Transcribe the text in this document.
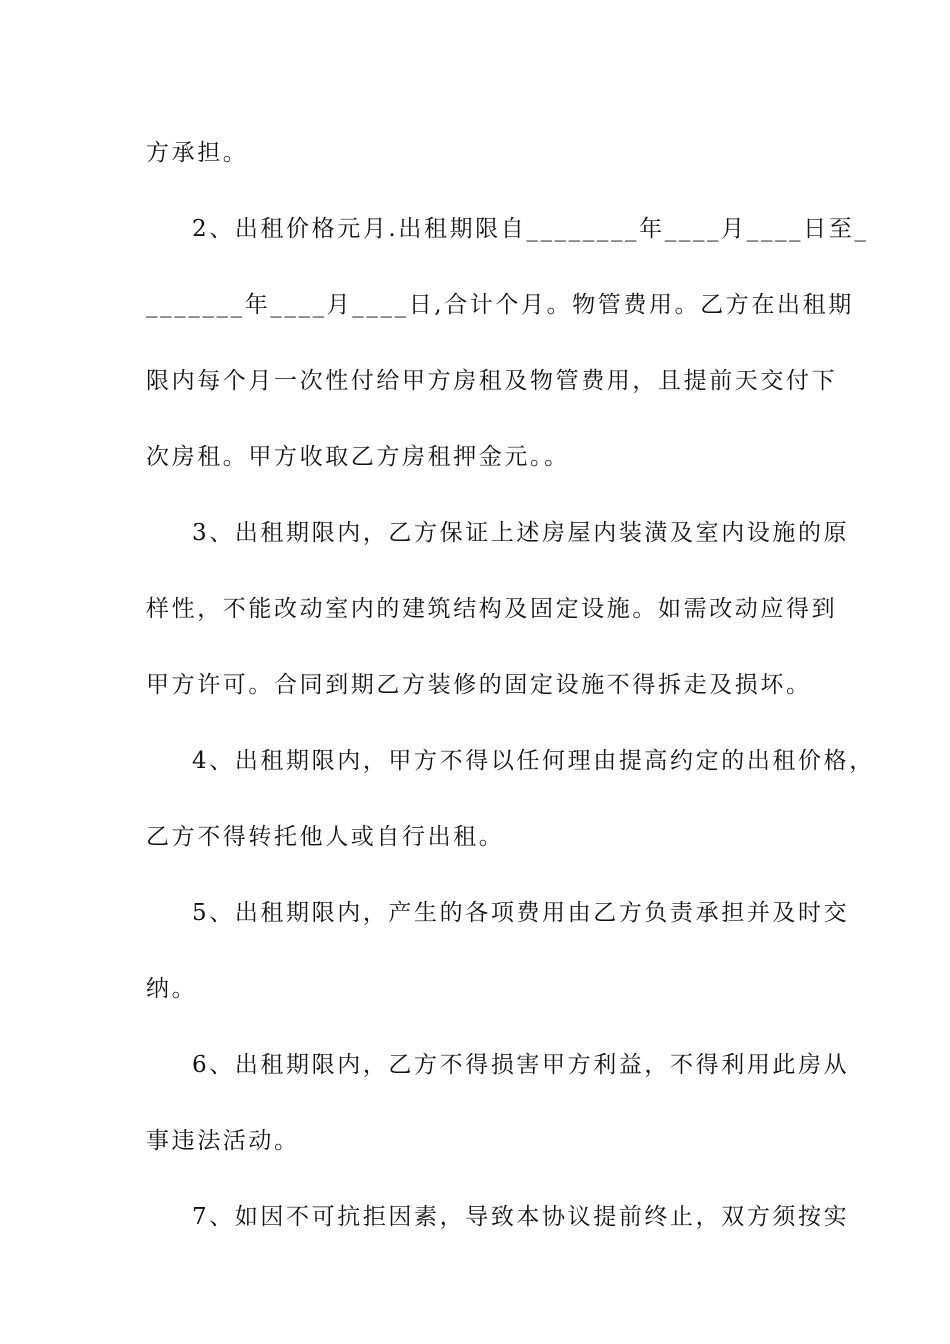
方承担。
2、出租价格元月.出租期限自________年____月____日至_
_______年____月____日,合计个月。物管费用。乙方在出租期
限内每个月一次性付给甲方房租及物管费用，且提前天交付下
次房租。甲方收取乙方房租押金元。。
3、出租期限内，乙方保证上述房屋内装潢及室内设施的原
样性，不能改动室内的建筑结构及固定设施。如需改动应得到
甲方许可。合同到期乙方装修的固定设施不得拆走及损坏。
4、出租期限内，甲方不得以任何理由提高约定的出租价格，
乙方不得转托他人或自行出租。
5、出租期限内，产生的各项费用由乙方负责承担并及时交
纳。
6、出租期限内，乙方不得损害甲方利益，不得利用此房从
事违法活动。
7、如因不可抗拒因素，导致本协议提前终止，双方须按实
